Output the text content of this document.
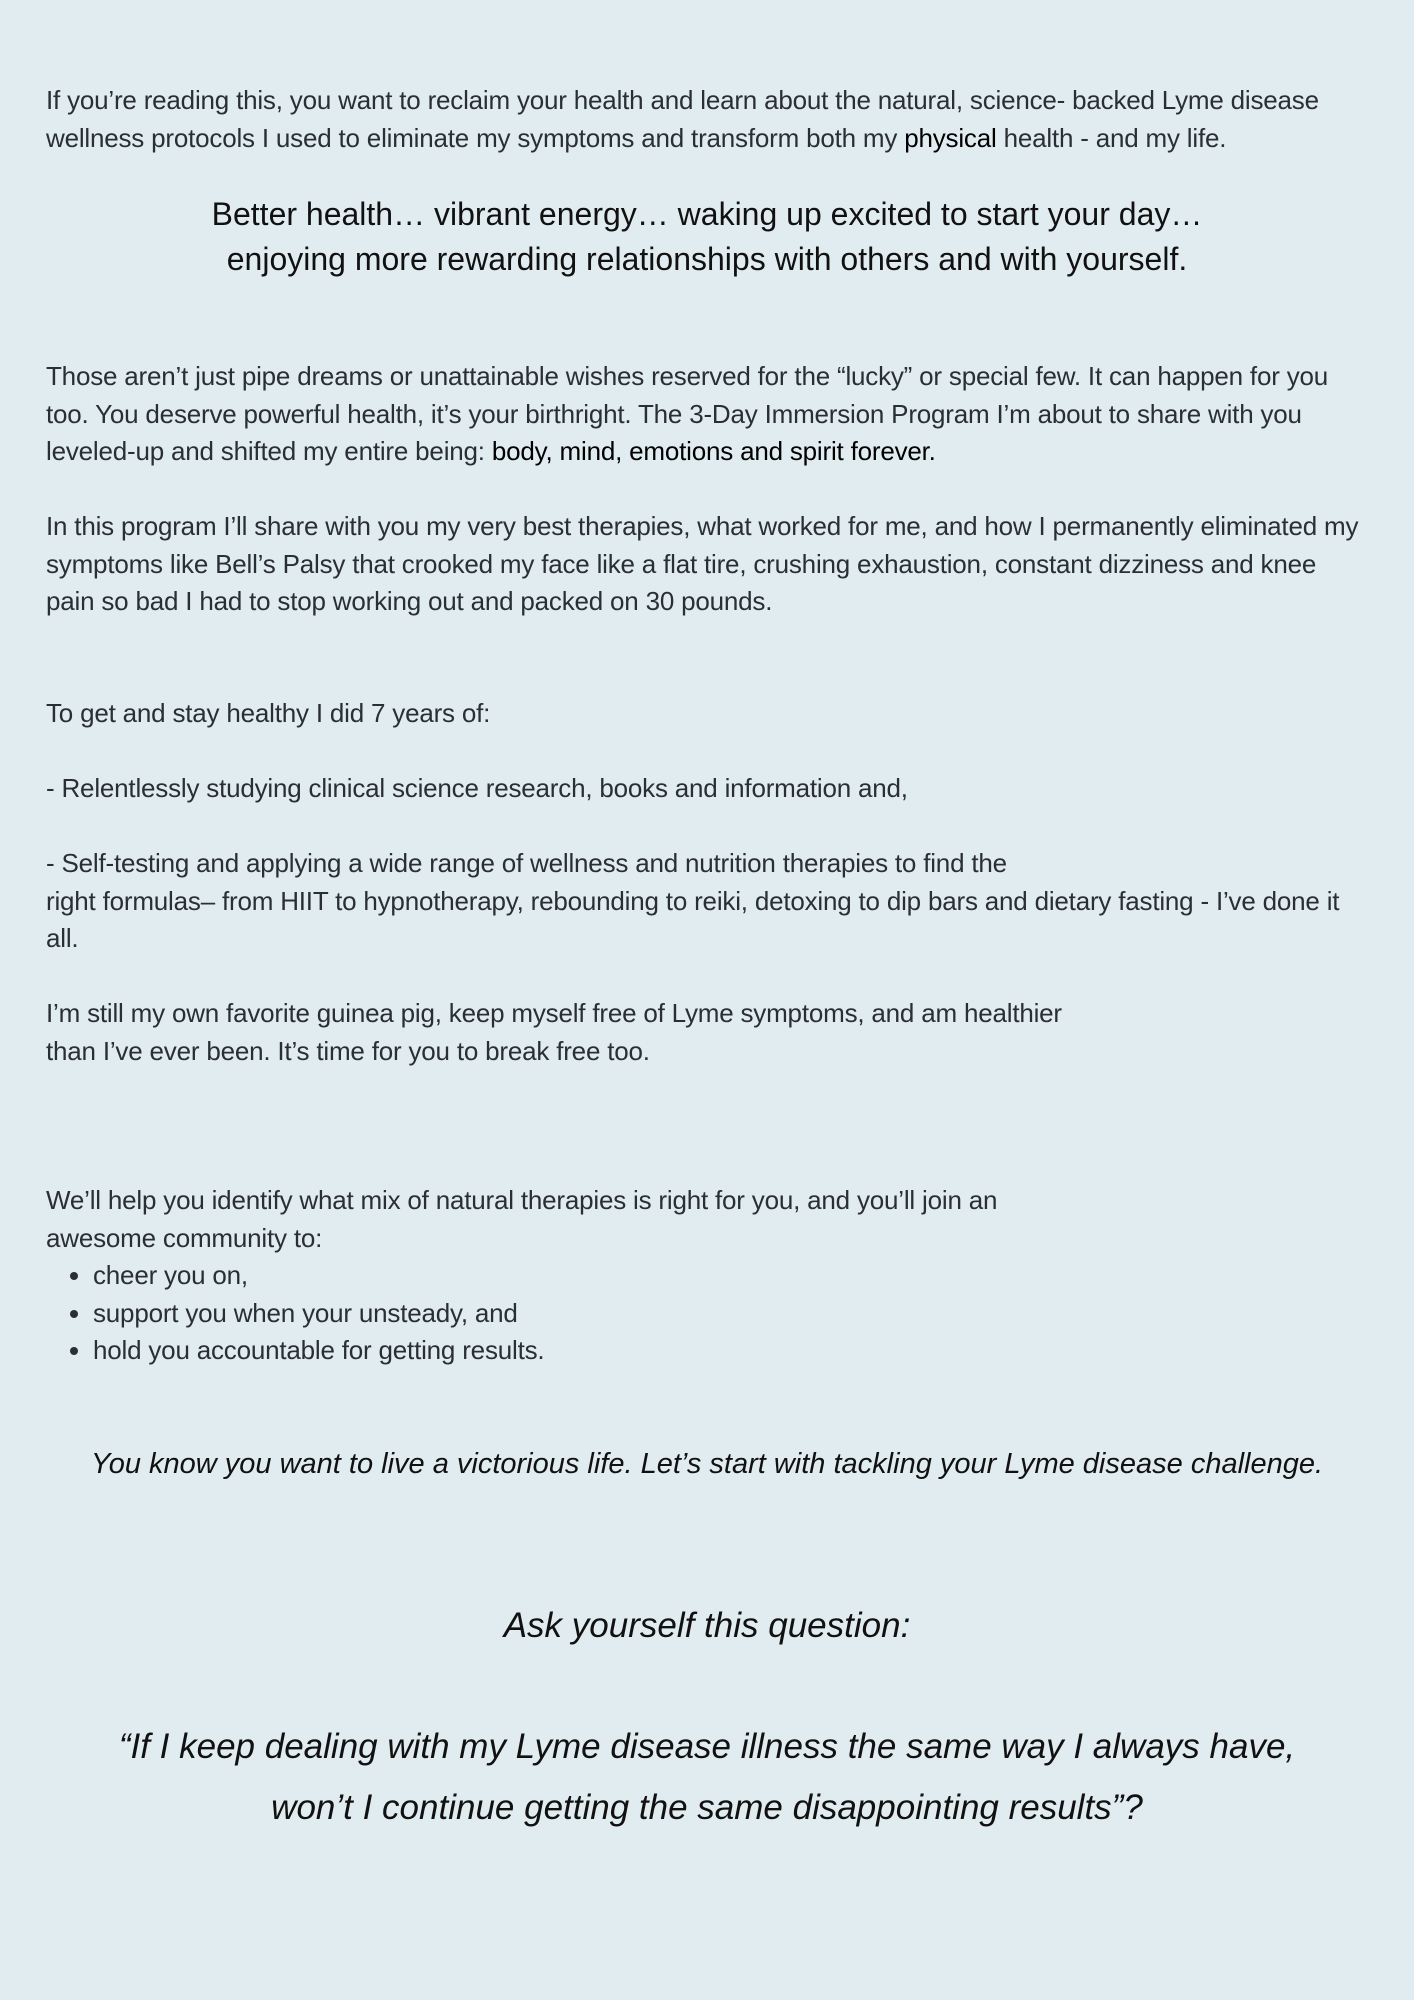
If you’re reading this, you want to reclaim your health and learn about the natural, science- backed Lyme disease wellness protocols I used to eliminate my symptoms and transform both my physical health - and my life.

Better health… vibrant energy… waking up excited to start your day…

enjoying more rewarding relationships with others and with yourself.

Those aren’t just pipe dreams or unattainable wishes reserved for the “lucky” or special few. It can happen for you too. You deserve powerful health, it’s your birthright. The 3-Day Immersion Program I’m about to share with you leveled-up and shifted my entire being: body, mind, emotions and spirit forever.

In this program I’ll share with you my very best therapies, what worked for me, and how I permanently eliminated my symptoms like Bell’s Palsy that crooked my face like a flat tire, crushing exhaustion, constant dizziness and knee pain so bad I had to stop working out and packed on 30 pounds.

To get and stay healthy I did 7 years of:

- Relentlessly studying clinical science research, books and information and,

- Self-testing and applying a wide range of wellness and nutrition therapies to find the

right formulas– from HIIT to hypnotherapy, rebounding to reiki, detoxing to dip bars and dietary fasting - I’ve done it all.

I’m still my own favorite guinea pig, keep myself free of Lyme symptoms, and am healthier

than I’ve ever been. It’s time for you to break free too.

We’ll help you identify what mix of natural therapies is right for you, and you’ll join an

awesome community to:

• cheer you on,
• support you when your unsteady, and
• hold you accountable for getting results.

You know you want to live a victorious life. Let’s start with tackling your Lyme disease challenge.

Ask yourself this question:

“If I keep dealing with my Lyme disease illness the same way I always have,

won’t I continue getting the same disappointing results”?
